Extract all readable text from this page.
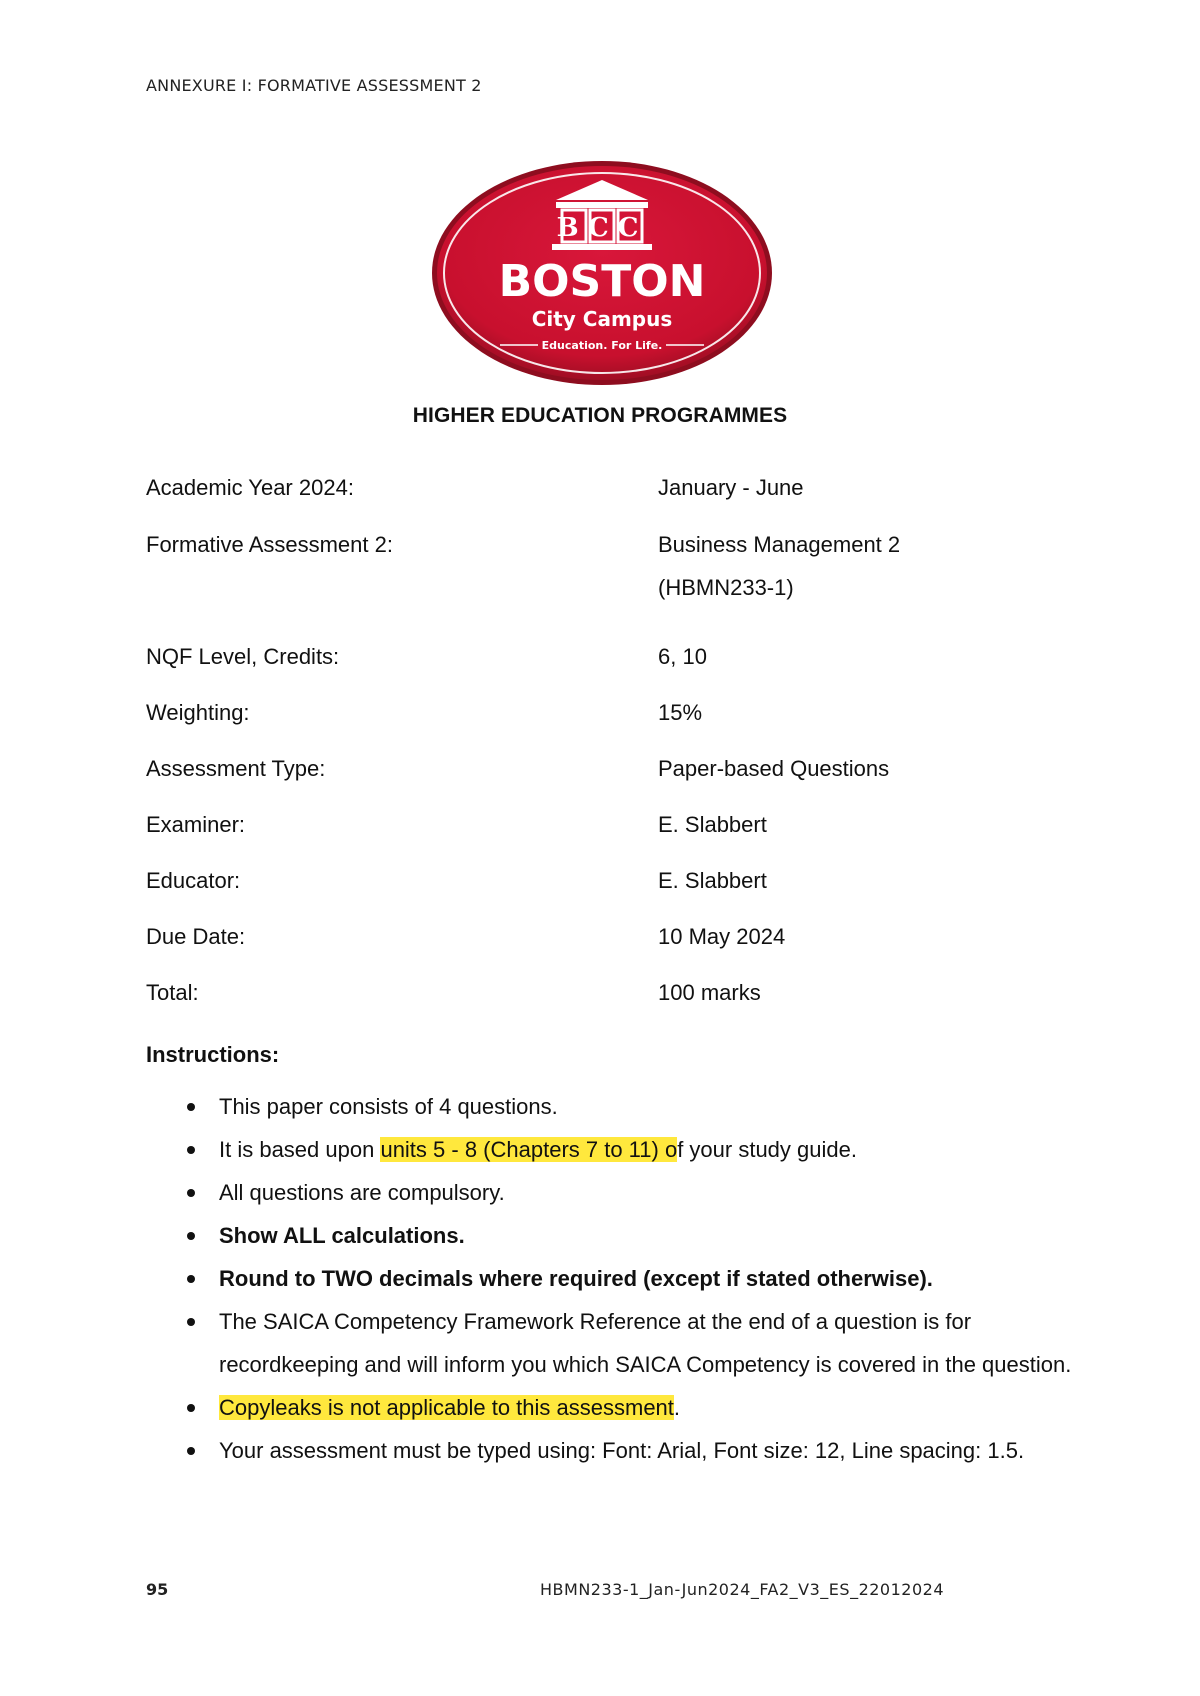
ANNEXURE I: FORMATIVE ASSESSMENT 2
BCC
BOSTON
City Campus
Education. For Life.
HIGHER EDUCATION PROGRAMMES
Academic Year 2024:	January - June
Formative Assessment 2:	Business Management 2
(HBMN233-1)
NQF Level, Credits:	6, 10
Weighting:	15%
Assessment Type:	Paper-based Questions
Examiner:	E. Slabbert
Educator:	E. Slabbert
Due Date:	10 May 2024
Total:	100 marks
Instructions:
This paper consists of 4 questions.
It is based upon units 5 - 8 (Chapters 7 to 11) of your study guide.
All questions are compulsory.
Show ALL calculations.
Round to TWO decimals where required (except if stated otherwise).
The SAICA Competency Framework Reference at the end of a question is for recordkeeping and will inform you which SAICA Competency is covered in the question.
Copyleaks is not applicable to this assessment.
Your assessment must be typed using: Font: Arial, Font size: 12, Line spacing: 1.5.
95	HBMN233-1_Jan-Jun2024_FA2_V3_ES_22012024
